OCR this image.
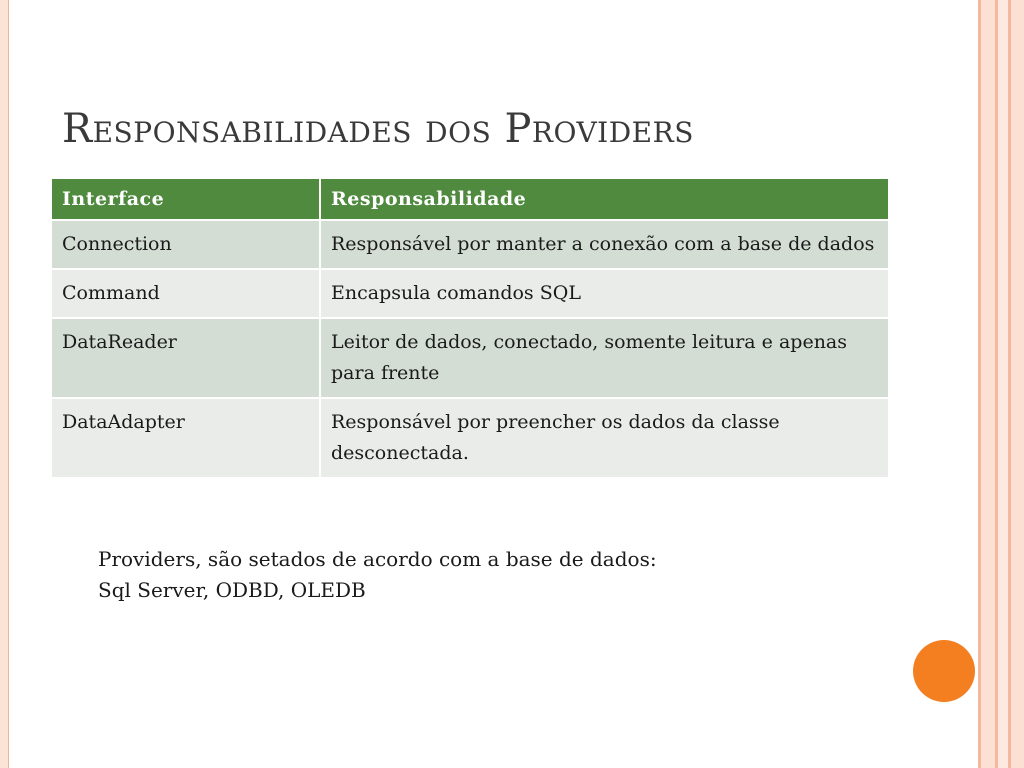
Responsabilidades dos Providers
Interface	Responsabilidade
Connection	Responsável por manter a conexão com a base de dados
Command	Encapsula comandos SQL
DataReader	Leitor de dados, conectado, somente leitura e apenas para frente
DataAdapter	Responsável por preencher os dados da classe desconectada.
Providers, são setados de acordo com a base de dados:
Sql Server, ODBD, OLEDB
